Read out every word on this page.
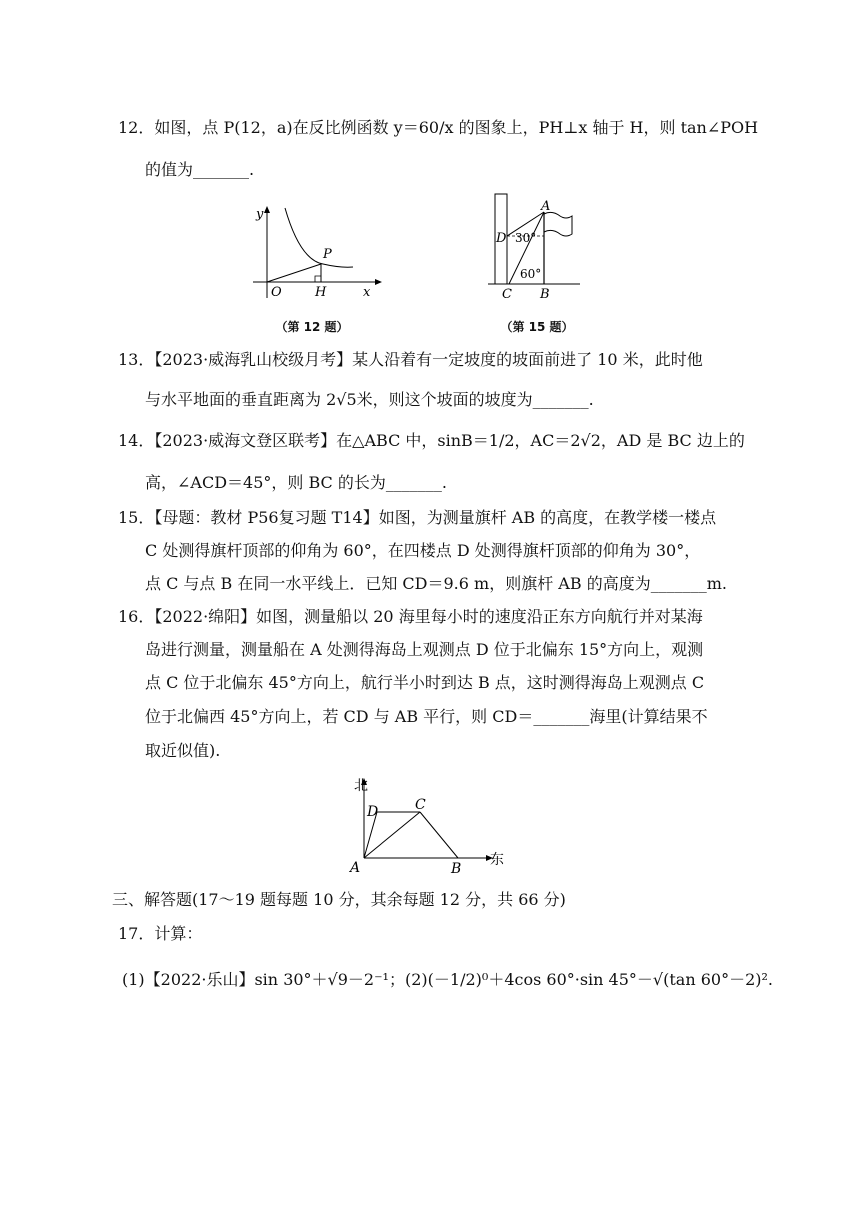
12．如图，点 P(12，a)在反比例函数 y＝60/x 的图象上，PH⊥x 轴于 H，则 tan∠POH
的值为_______.
y
x
O	H
P
（第 12 题）
A
B
C
D 30°
60°
（第 15 题）
13．【2023·威海乳山校级月考】某人沿着有一定坡度的坡面前进了 10 米，此时他
与水平地面的垂直距离为 2√5米，则这个坡面的坡度为_______.
14．【2023·威海文登区联考】在△ABC 中，sinB＝1/2，AC＝2√2，AD 是 BC 边上的
高，∠ACD＝45°，则 BC 的长为_______.
15．【母题：教材 P56复习题 T14】如图，为测量旗杆 AB 的高度，在教学楼一楼点
C 处测得旗杆顶部的仰角为 60°，在四楼点 D 处测得旗杆顶部的仰角为 30°，
点 C 与点 B 在同一水平线上．已知 CD＝9.6 m，则旗杆 AB 的高度为_______m.
16．【2022·绵阳】如图，测量船以 20 海里每小时的速度沿正东方向航行并对某海
岛进行测量，测量船在 A 处测得海岛上观测点 D 位于北偏东 15°方向上，观测
点 C 位于北偏东 45°方向上，航行半小时到达 B 点，这时测得海岛上观测点 C
位于北偏西 45°方向上，若 CD 与 AB 平行，则 CD＝_______海里(计算结果不
取近似值).
北
东
A	B
C
D
三、解答题(17～19 题每题 10 分，其余每题 12 分，共 66 分)
17．计算：
(1)【2022·乐山】sin 30°＋√9－2⁻¹； (2)(－1/2)⁰＋4cos 60°·sin 45°－√(tan 60°－2)².
